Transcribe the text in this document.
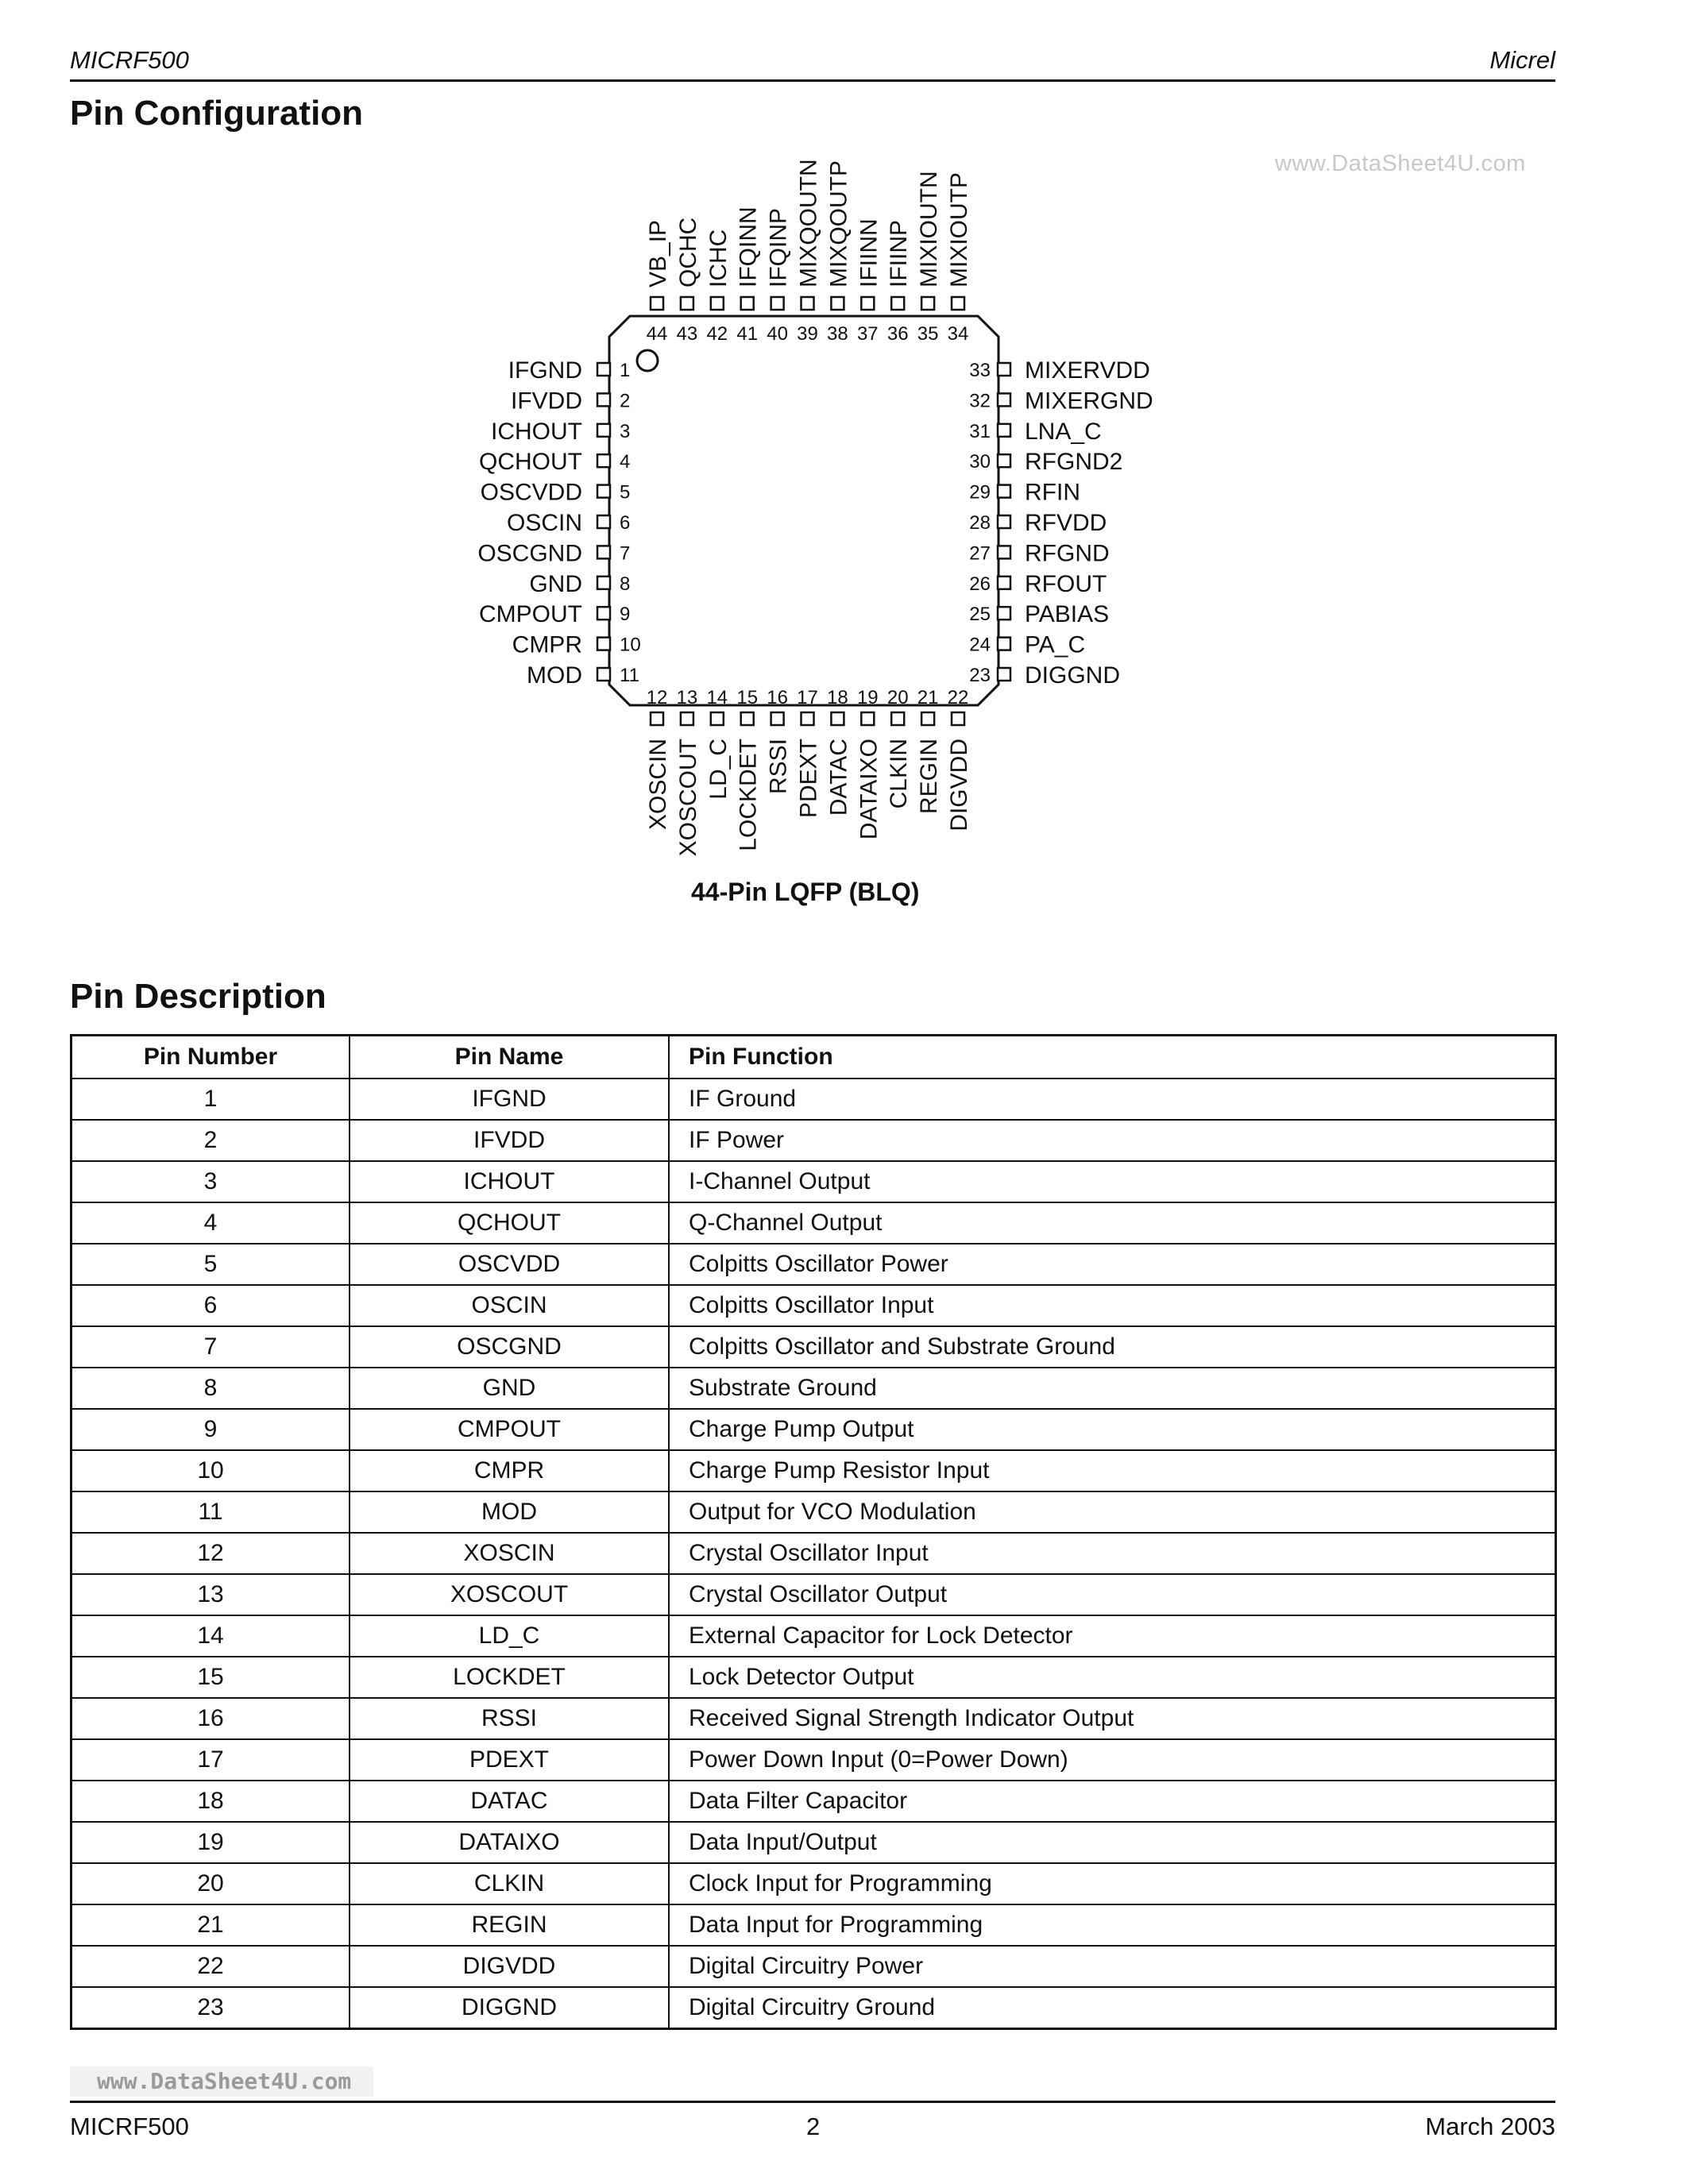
MICRF500	Micrel
Pin Configuration
www.DataSheet4U.com
IFGND 1
IFVDD 2
ICHOUT 3
QCHOUT 4
OSCVDD 5
OSCIN 6
OSCGND 7
GND 8
CMPOUT 9
CMPR 10
MOD 11	DIGGND
23
PA_C
24
PABIAS
25
RFOUT
26
RFGND
27
RFVDD
28
RFIN
29
RFGND2
30
LNA_C
31
MIXERGND
32
MIXERVDD
33
12
XOSCIN
13
XOSCOUT
14
LD_C
15
LOCKDET
16
RSSI
17
PDEXT
18
DATAC
19
DATAIXO
20
CLKIN
21
REGIN
22
DIGVDD
34
MIXIOUTP
35
MIXIOUTN
36
IFIINP
37
IFIINN
38
MIXQOUTP
39
MIXQOUTN
40
IFQINP
41
IFQINN
42
ICHC
43
QCHC
44
VB_IP
44-Pin LQFP (BLQ)
Pin Description
Pin Number	Pin Name	Pin Function
1	IFGND	IF Ground
2	IFVDD	IF Power
3	ICHOUT	I-Channel Output
4	QCHOUT	Q-Channel Output
5	OSCVDD	Colpitts Oscillator Power
6	OSCIN	Colpitts Oscillator Input
7	OSCGND	Colpitts Oscillator and Substrate Ground
8	GND	Substrate Ground
9	CMPOUT	Charge Pump Output
10	CMPR	Charge Pump Resistor Input
11	MOD	Output for VCO Modulation
12	XOSCIN	Crystal Oscillator Input
13	XOSCOUT	Crystal Oscillator Output
14	LD_C	External Capacitor for Lock Detector
15	LOCKDET	Lock Detector Output
16	RSSI	Received Signal Strength Indicator Output
17	PDEXT	Power Down Input (0=Power Down)
18	DATAC	Data Filter Capacitor
19	DATAIXO	Data Input/Output
20	CLKIN	Clock Input for Programming
21	REGIN	Data Input for Programming
22	DIGVDD	Digital Circuitry Power
23	DIGGND	Digital Circuitry Ground
www.DataSheet4U.com
MICRF500	2	March 2003
